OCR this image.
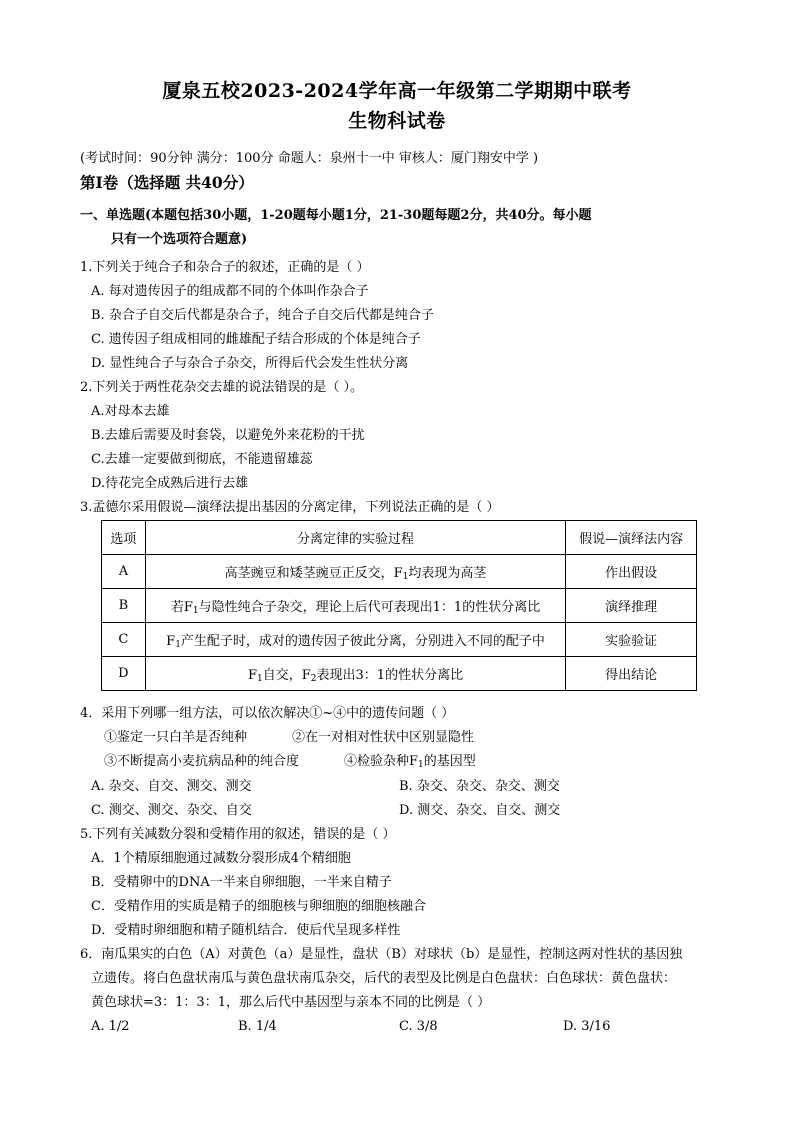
厦泉五校2023-2024学年高一年级第二学期期中联考
生物科试卷
(考试时间：90分钟 满分：100分 命题人：泉州十一中 审核人：厦门翔安中学 )
第Ⅰ卷（选择题 共40分）
一、单选题(本题包括30小题，1-20题每小题1分，21-30题每题2分，共40分。每小题
只有一个选项符合题意)
1.下列关于纯合子和杂合子的叙述，正确的是（ ）
A. 每对遗传因子的组成都不同的个体叫作杂合子
B. 杂合子自交后代都是杂合子，纯合子自交后代都是纯合子
C. 遗传因子组成相同的雌雄配子结合形成的个体是纯合子
D. 显性纯合子与杂合子杂交，所得后代会发生性状分离
2.下列关于两性花杂交去雄的说法错误的是（ ）。
A.对母本去雄
B.去雄后需要及时套袋，以避免外来花粉的干扰
C.去雄一定要做到彻底，不能遗留雄蕊
D.待花完全成熟后进行去雄
3.孟德尔采用假说—演绎法提出基因的分离定律，下列说法正确的是（ ）
选项	分离定律的实验过程	假说—演绎法内容
A	高茎豌豆和矮茎豌豆正反交，$F_1$均表现为高茎	作出假设
B	若$F_1$与隐性纯合子杂交，理论上后代可表现出1：1的性状分离比	演绎推理
C	$F_1$产生配子时，成对的遗传因子彼此分离，分别进入不同的配子中	实验验证
D	$F_1$自交，$F_2$表现出3：1的性状分离比	得出结论
4．采用下列哪一组方法，可以依次解决①~④中的遗传问题（ ）
①鉴定一只白羊是否纯种	②在一对相对性状中区别显隐性
③不断提高小麦抗病品种的纯合度	④检验杂种$F_1$的基因型
A. 杂交、自交、测交、测交	B. 杂交、杂交、杂交、测交
C. 测交、测交、杂交、自交	D. 测交、杂交、自交、测交
5.下列有关减数分裂和受精作用的叙述，错误的是（ ）
A．1个精原细胞通过减数分裂形成4个精细胞
B．受精卵中的DNA一半来自卵细胞，一半来自精子
C．受精作用的实质是精子的细胞核与卵细胞的细胞核融合
D．受精时卵细胞和精子随机结合．使后代呈现多样性
6．南瓜果实的白色（A）对黄色（a）是显性，盘状（B）对球状（b）是显性，控制这两对性状的基因独
立遗传。将白色盘状南瓜与黄色盘状南瓜杂交，后代的表型及比例是白色盘状：白色球状：黄色盘状：
黄色球状=3：1：3：1，那么后代中基因型与亲本不同的比例是（ ）
A. 1/2	B. 1/4	C. 3/8	D. 3/16
